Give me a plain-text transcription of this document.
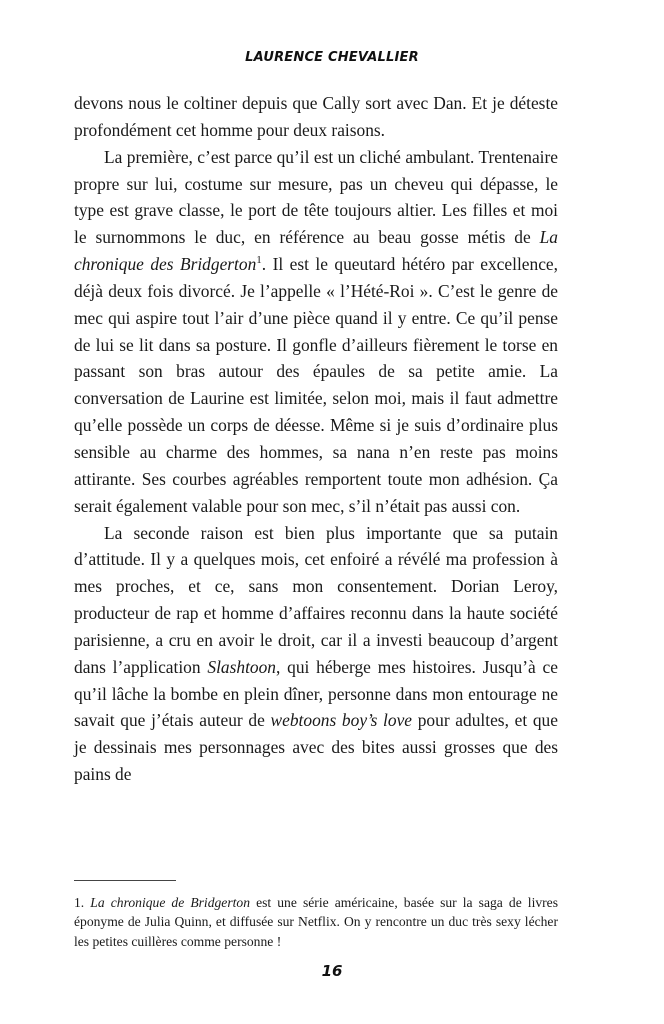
LAURENCE CHEVALLIER

devons nous le coltiner depuis que Cally sort avec Dan. Et je déteste profondément cet homme pour deux raisons.

La première, c’est parce qu’il est un cliché ambulant. Trentenaire propre sur lui, costume sur mesure, pas un cheveu qui dépasse, le type est grave classe, le port de tête toujours altier. Les filles et moi le surnommons le duc, en référence au beau gosse métis de La chronique des Bridgerton$^1$. Il est le queutard hétéro par excellence, déjà deux fois divorcé. Je l’appelle « l’Hété-Roi ». C’est le genre de mec qui aspire tout l’air d’une pièce quand il y entre. Ce qu’il pense de lui se lit dans sa posture. Il gonfle d’ailleurs fièrement le torse en passant son bras autour des épaules de sa petite amie. La conversation de Laurine est limitée, selon moi, mais il faut admettre qu’elle possède un corps de déesse. Même si je suis d’ordinaire plus sensible au charme des hommes, sa nana n’en reste pas moins attirante. Ses courbes agréables remportent toute mon adhésion. Ça serait également valable pour son mec, s’il n’était pas aussi con.

La seconde raison est bien plus importante que sa putain d’attitude. Il y a quelques mois, cet enfoiré a révélé ma profession à mes proches, et ce, sans mon consentement. Dorian Leroy, producteur de rap et homme d’affaires reconnu dans la haute société parisienne, a cru en avoir le droit, car il a investi beaucoup d’argent dans l’application Slashtoon, qui héberge mes histoires. Jusqu’à ce qu’il lâche la bombe en plein dîner, personne dans mon entourage ne savait que j’étais auteur de webtoons boy’s love pour adultes, et que je dessinais mes personnages avec des bites aussi grosses que des pains de

1. La chronique de Bridgerton est une série américaine, basée sur la saga de livres éponyme de Julia Quinn, et diffusée sur Netflix. On y rencontre un duc très sexy lécher les petites cuillères comme personne !

16
